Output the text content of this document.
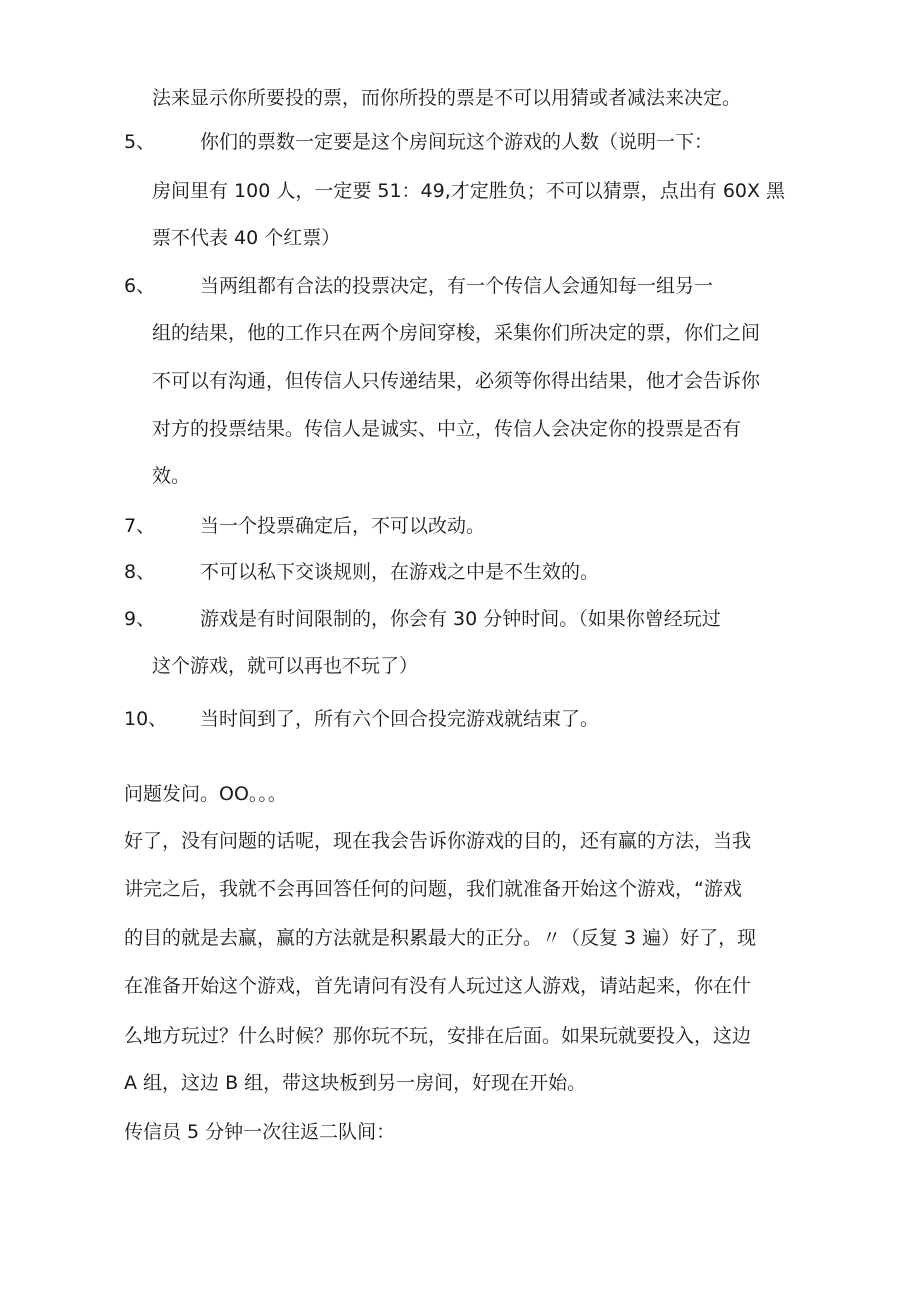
法来显示你所要投的票，而你所投的票是不可以用猜或者减法来决定。
5、 你们的票数一定要是这个房间玩这个游戏的人数（说明一下：
房间里有 100 人，一定要 51：49,才定胜负；不可以猜票，点出有 60X 黑
票不代表 40 个红票）
6、 当两组都有合法的投票决定，有一个传信人会通知每一组另一
组的结果，他的工作只在两个房间穿梭，采集你们所决定的票，你们之间
不可以有沟通，但传信人只传递结果，必须等你得出结果，他才会告诉你
对方的投票结果。传信人是诚实、中立，传信人会决定你的投票是否有
效。
7、 当一个投票确定后，不可以改动。
8、 不可以私下交谈规则，在游戏之中是不生效的。
9、 游戏是有时间限制的，你会有 30 分钟时间。（如果你曾经玩过
这个游戏，就可以再也不玩了）
10、 当时间到了，所有六个回合投完游戏就结束了。
问题发问。OO。。。
好了，没有问题的话呢，现在我会告诉你游戏的目的，还有赢的方法，当我
讲完之后，我就不会再回答任何的问题，我们就准备开始这个游戏，“游戏
的目的就是去赢，赢的方法就是积累最大的正分。〃（反复 3 遍）好了，现
在准备开始这个游戏，首先请问有没有人玩过这人游戏，请站起来，你在什
么地方玩过？什么时候？那你玩不玩，安排在后面。如果玩就要投入，这边
A 组，这边 B 组，带这块板到另一房间，好现在开始。
传信员 5 分钟一次往返二队间：
